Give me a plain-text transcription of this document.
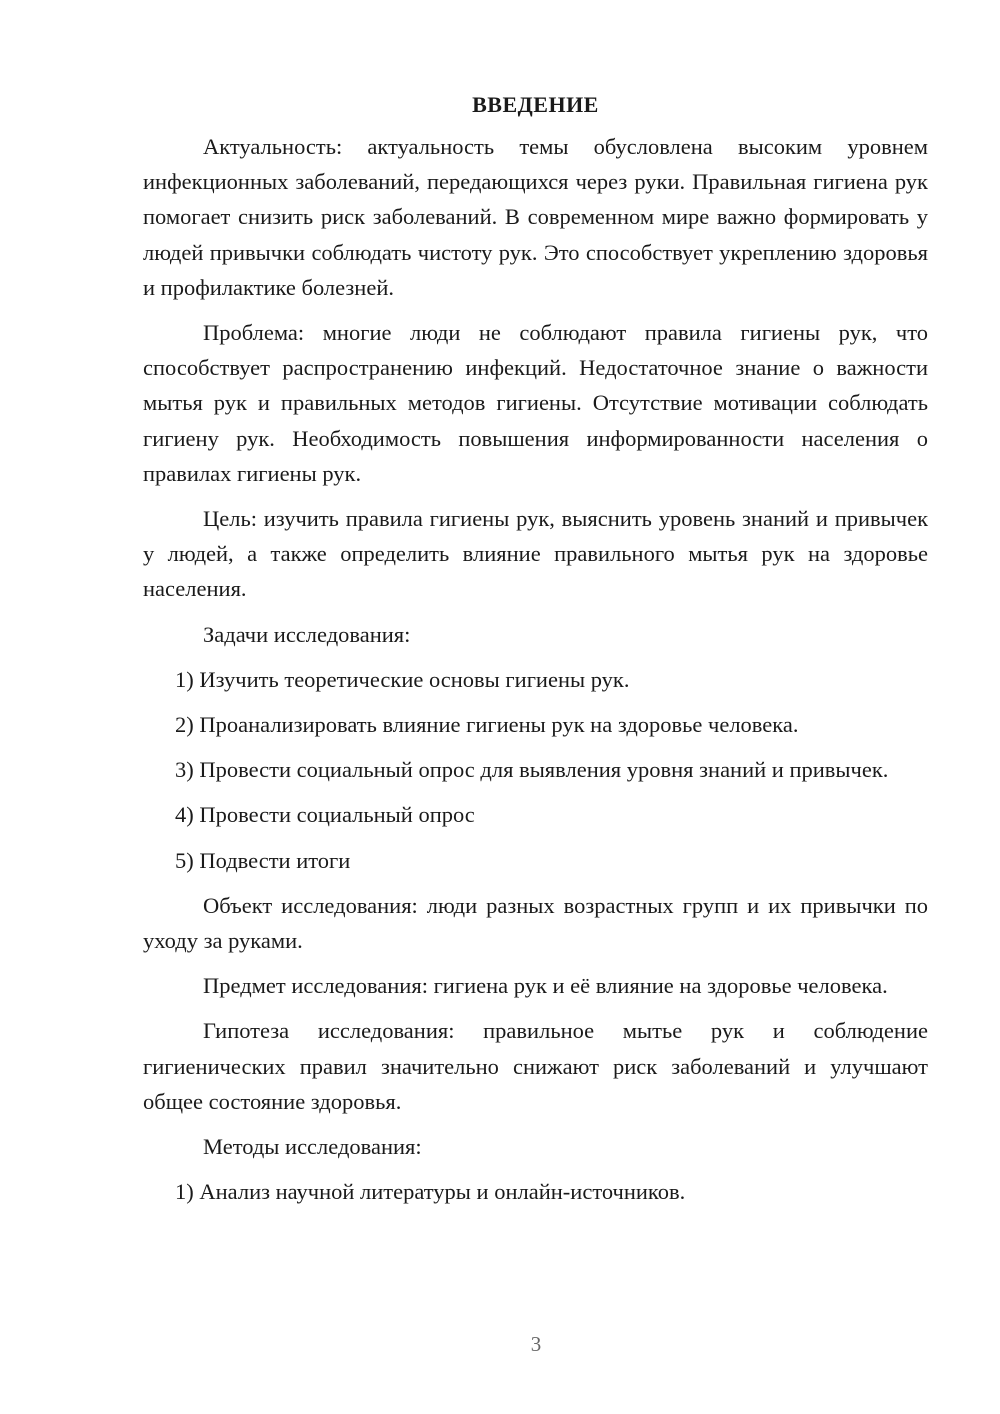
ВВЕДЕНИЕ

Актуальность: актуальность темы обусловлена высоким уровнем инфекционных заболеваний, передающихся через руки. Правильная гигиена рук помогает снизить риск заболеваний. В современном мире важно формировать у людей привычки соблюдать чистоту рук. Это способствует укреплению здоровья и профилактике болезней.

Проблема: многие люди не соблюдают правила гигиены рук, что способствует распространению инфекций. Недостаточное знание о важности мытья рук и правильных методов гигиены. Отсутствие мотивации соблюдать гигиену рук. Необходимость повышения информированности населения о правилах гигиены рук.

Цель: изучить правила гигиены рук, выяснить уровень знаний и привычек у людей, а также определить влияние правильного мытья рук на здоровье населения.

Задачи исследования:

1) Изучить теоретические основы гигиены рук.

2) Проанализировать влияние гигиены рук на здоровье человека.

3) Провести социальный опрос для выявления уровня знаний и привычек.

4) Провести социальный опрос

5) Подвести итоги

Объект исследования: люди разных возрастных групп и их привычки по уходу за руками.

Предмет исследования: гигиена рук и её влияние на здоровье человека.

Гипотеза исследования: правильное мытье рук и соблюдение гигиенических правил значительно снижают риск заболеваний и улучшают общее состояние здоровья.

Методы исследования:

1) Анализ научной литературы и онлайн-источников.

3
